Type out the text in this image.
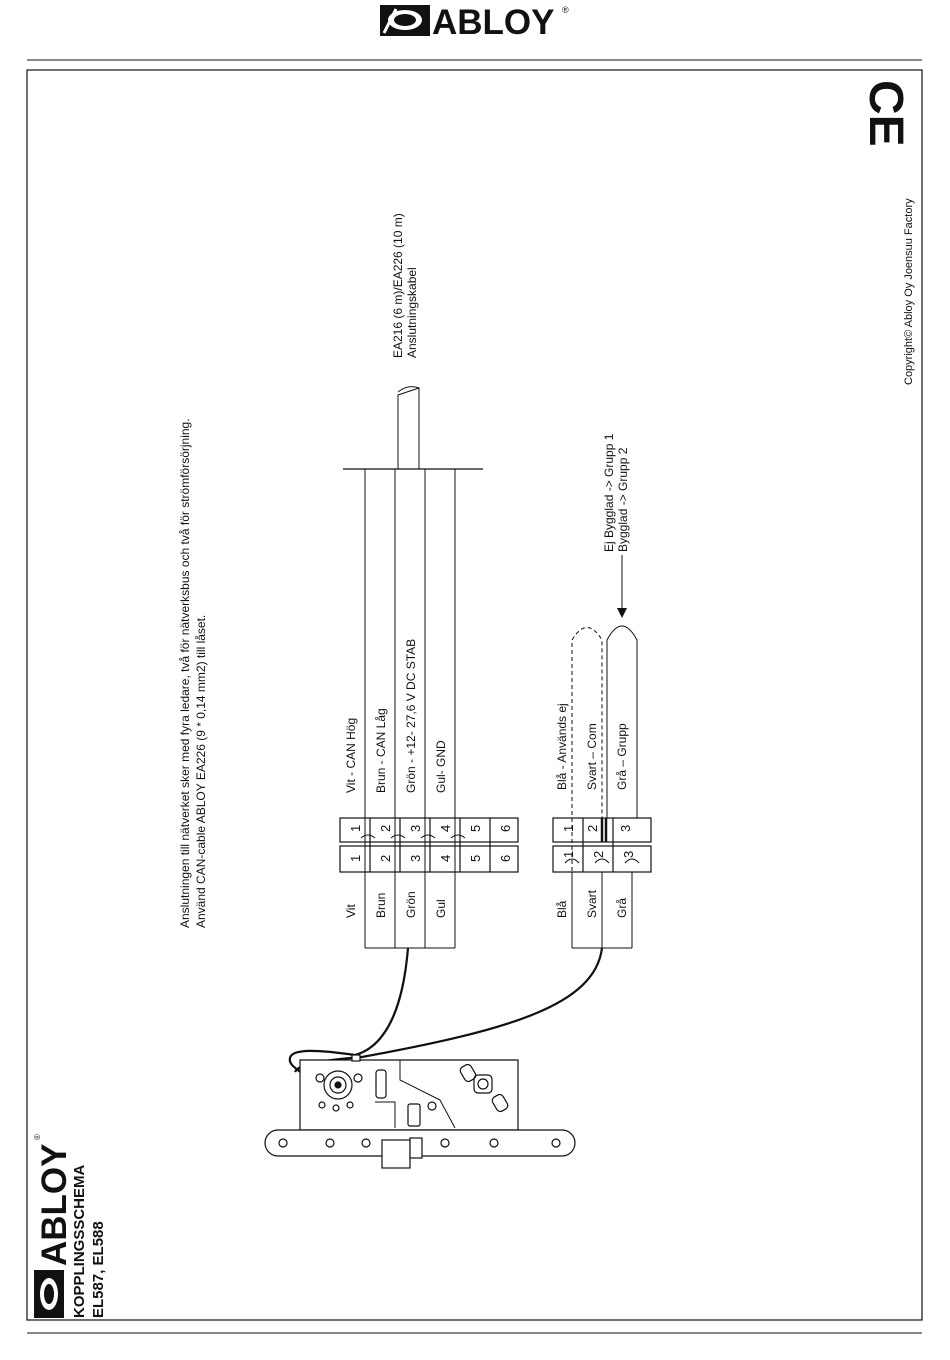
ABLOY ®
CE
Copyright© Abloy Oy Joensuu Factory
ABLOY
®
KOPPLINGSSCHEMA EL587, EL588
Anslutningen till nätverket sker med fyra ledare, två för nätverksbus och två för strömförsörjning. Använd CAN-cable ABLOY EA226 (9 * 0,14 mm2) till låset.
EA216 (6 m)/EA226 (10 m) Anslutningskabel
Ej Bygglad -> Grupp 1 Bygglad -> Grupp 2
1 2 3 4 5 6
1 2 3 4 5 6
1 2 3
1 2 3
Vit Brun Grön Gul
Vit - CAN Hög Brun - CAN Låg Grön - +12- 27,6 V DC STAB Gul- GND
Blå Svart Grå
Blå - Används ej Svart – Com Grå – Grupp
